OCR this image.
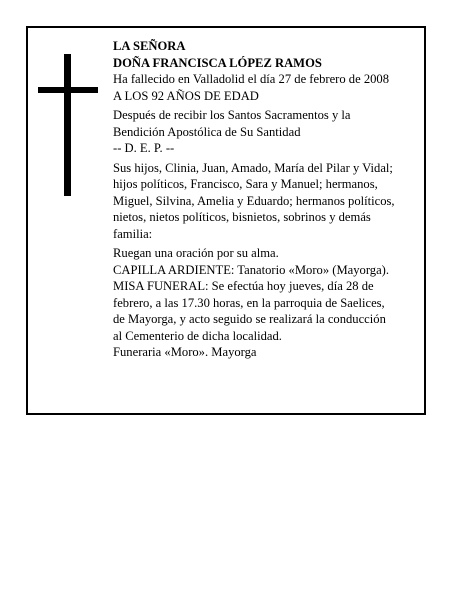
LA SEÑORA

DOÑA FRANCISCA LÓPEZ RAMOS

Ha fallecido en Valladolid el día 27 de febrero de 2008

A LOS 92 AÑOS DE EDAD

Después de recibir los Santos Sacramentos y la

Bendición Apostólica de Su Santidad

-- D. E. P. --

Sus hijos, Clinia, Juan, Amado, María del Pilar y Vidal;

hijos políticos, Francisco, Sara y Manuel; hermanos,

Miguel, Silvina, Amelia y Eduardo; hermanos políticos,

nietos, nietos políticos, bisnietos, sobrinos y demás

familia:

Ruegan una oración por su alma.

CAPILLA ARDIENTE: Tanatorio «Moro» (Mayorga).

MISA FUNERAL: Se efectúa hoy jueves, día 28 de

febrero, a las 17.30 horas, en la parroquia de Saelices,

de Mayorga, y acto seguido se realizará la conducción

al Cementerio de dicha localidad.

Funeraria «Moro». Mayorga
